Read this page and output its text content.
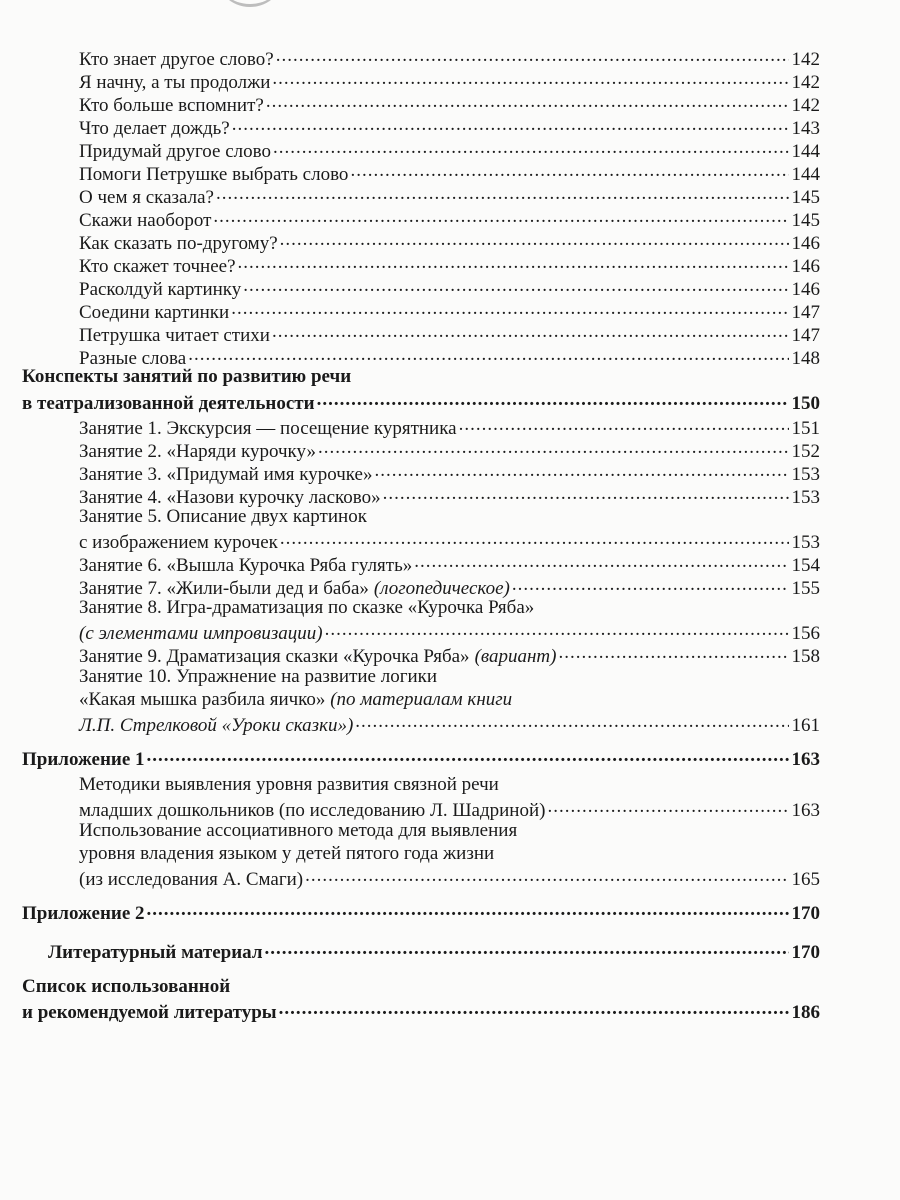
Кто знает другое слово? .....	142
Я начну, а ты продолжи .....	142
Кто больше вспомнит? .....	142
Что делает дождь? .....	143
Придумай другое слово .....	144
Помоги Петрушке выбрать слово .....	144
О чем я сказала? .....	145
Скажи наоборот .....	145
Как сказать по-другому? .....	146
Кто скажет точнее? .....	146
Расколдуй картинку .....	146
Соедини картинки .....	147
Петрушка читает стихи .....	147
Разные слова .....	148
Конспекты занятий по развитию речи
в театрализованной деятельности .....	150
Занятие 1. Экскурсия — посещение курятника .....	151
Занятие 2. «Наряди курочку» .....	152
Занятие 3. «Придумай имя курочке» .....	153
Занятие 4. «Назови курочку ласково» .....	153
Занятие 5. Описание двух картинок
с изображением курочек .....	153
Занятие 6. «Вышла Курочка Ряба гулять» .....	154
Занятие 7. «Жили-были дед и баба» (логопедическое) .....	155
Занятие 8. Игра-драматизация по сказке «Курочка Ряба»
(с элементами импровизации) .....	156
Занятие 9. Драматизация сказки «Курочка Ряба» (вариант) .....	158
Занятие 10. Упражнение на развитие логики
«Какая мышка разбила яичко» (по материалам книги
Л.П. Стрелковой «Уроки сказки») .....	161
Приложение 1 .....	163
Методики выявления уровня развития связной речи
младших дошкольников (по исследованию Л. Шадриной) .....	163
Использование ассоциативного метода для выявления
уровня владения языком у детей пятого года жизни
(из исследования А. Смаги) .....	165
Приложение 2 .....	170
Литературный материал .....	170
Список использованной
и рекомендуемой литературы .....	186
